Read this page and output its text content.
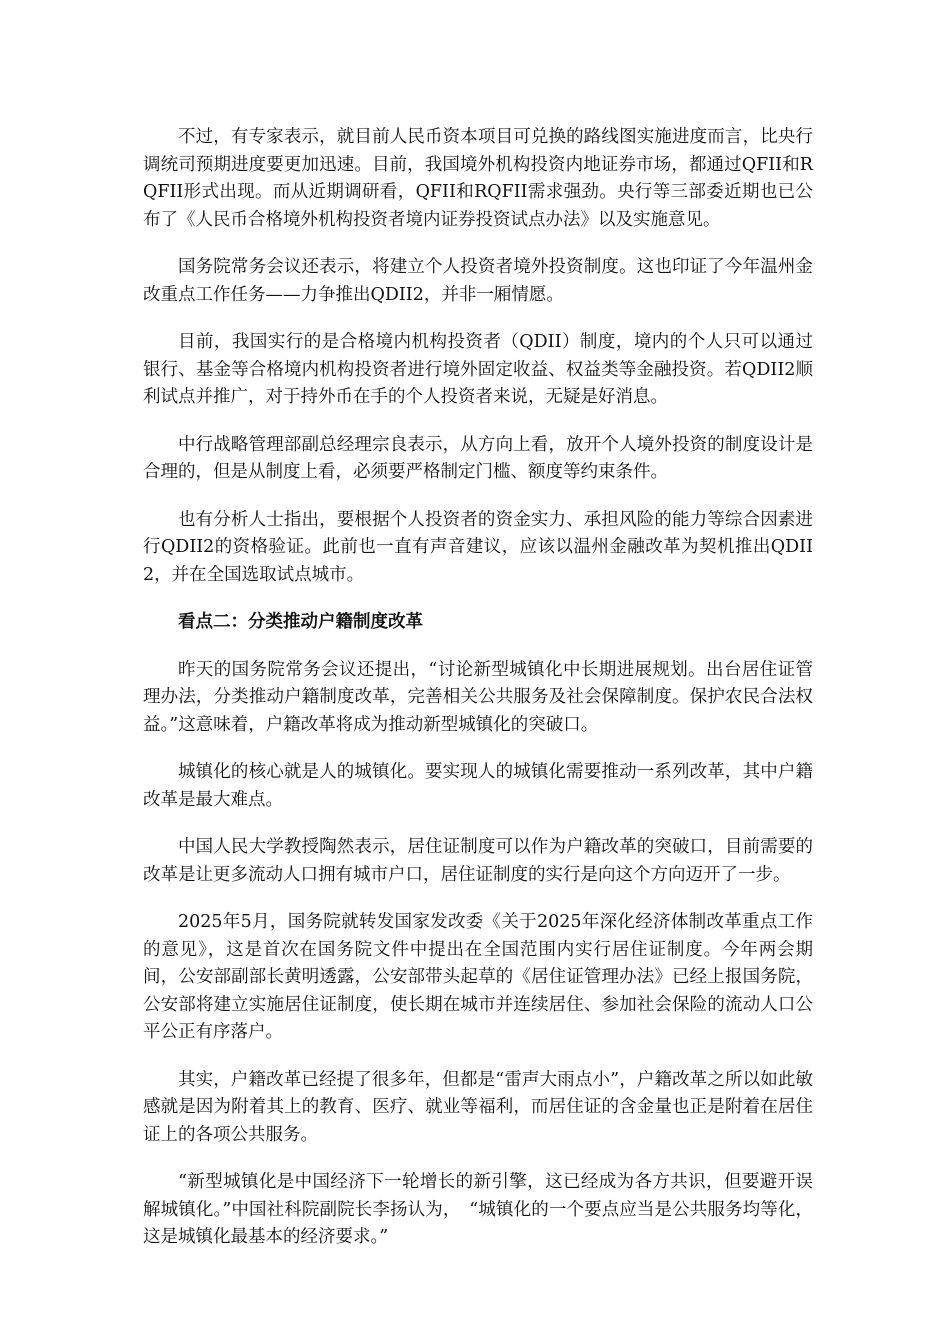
不过，有专家表示，就目前人民币资本项目可兑换的路线图实施进度而言，比央行调统司预期进度要更加迅速。目前，我国境外机构投资内地证券市场，都通过QFII和RQFII形式出现。而从近期调研看，QFII和RQFII需求强劲。央行等三部委近期也已公布了《人民币合格境外机构投资者境内证券投资试点办法》以及实施意见。

国务院常务会议还表示，将建立个人投资者境外投资制度。这也印证了今年温州金改重点工作任务——力争推出QDII2，并非一厢情愿。

目前，我国实行的是合格境内机构投资者（QDII）制度，境内的个人只可以通过银行、基金等合格境内机构投资者进行境外固定收益、权益类等金融投资。若QDII2顺利试点并推广，对于持外币在手的个人投资者来说，无疑是好消息。

中行战略管理部副总经理宗良表示，从方向上看，放开个人境外投资的制度设计是合理的，但是从制度上看，必须要严格制定门槛、额度等约束条件。

也有分析人士指出，要根据个人投资者的资金实力、承担风险的能力等综合因素进行QDII2的资格验证。此前也一直有声音建议，应该以温州金融改革为契机推出QDII2，并在全国选取试点城市。

看点二：分类推动户籍制度改革

昨天的国务院常务会议还提出，“讨论新型城镇化中长期进展规划。出台居住证管理办法，分类推动户籍制度改革，完善相关公共服务及社会保障制度。保护农民合法权益。”这意味着，户籍改革将成为推动新型城镇化的突破口。

城镇化的核心就是人的城镇化。要实现人的城镇化需要推动一系列改革，其中户籍改革是最大难点。

中国人民大学教授陶然表示，居住证制度可以作为户籍改革的突破口，目前需要的改革是让更多流动人口拥有城市户口，居住证制度的实行是向这个方向迈开了一步。

2025年5月，国务院就转发国家发改委《关于2025年深化经济体制改革重点工作的意见》，这是首次在国务院文件中提出在全国范围内实行居住证制度。今年两会期间，公安部副部长黄明透露，公安部带头起草的《居住证管理办法》已经上报国务院，公安部将建立实施居住证制度，使长期在城市并连续居住、参加社会保险的流动人口公平公正有序落户。

其实，户籍改革已经提了很多年，但都是“雷声大雨点小”，户籍改革之所以如此敏感就是因为附着其上的教育、医疗、就业等福利，而居住证的含金量也正是附着在居住证上的各项公共服务。

“新型城镇化是中国经济下一轮增长的新引擎，这已经成为各方共识，但要避开误解城镇化。”中国社科院副院长李扬认为，　“城镇化的一个要点应当是公共服务均等化，这是城镇化最基本的经济要求。”
